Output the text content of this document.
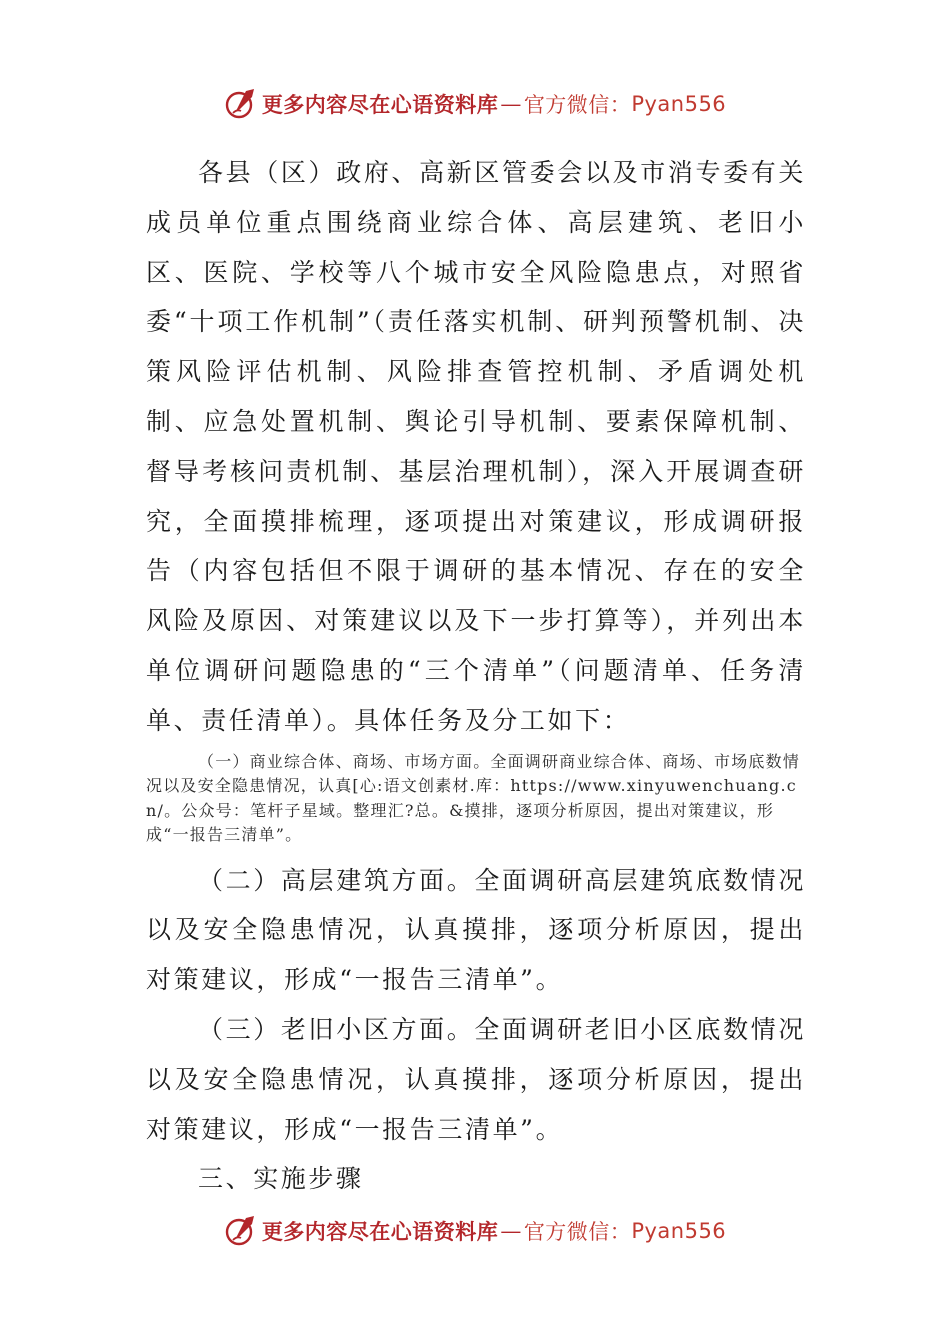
更多内容尽在心语资料库 — 官方微信： Pyan556

各县（区）政府、高新区管委会以及市消专委有关成员单位重点围绕商业综合体、高层建筑、老旧小区、医院、学校等八个城市安全风险隐患点，对照省委“十项工作机制”（责任落实机制、研判预警机制、决策风险评估机制、风险排查管控机制、矛盾调处机制、应急处置机制、舆论引导机制、要素保障机制、督导考核问责机制、基层治理机制），深入开展调查研究，全面摸排梳理，逐项提出对策建议，形成调研报告（内容包括但不限于调研的基本情况、存在的安全风险及原因、对策建议以及下一步打算等），并列出本单位调研问题隐患的“三个清单”（问题清单、任务清单、责任清单）。具体任务及分工如下：

（一）商业综合体、商场、市场方面。全面调研商业综合体、商场、市场底数情况以及安全隐患情况，认真[心:语文创素材.库：https://www.xinyuwenchuang.cn/。公众号：笔杆子星域。整理汇?总。&摸排，逐项分析原因，提出对策建议，形成“一报告三清单”。

（二）高层建筑方面。全面调研高层建筑底数情况以及安全隐患情况，认真摸排，逐项分析原因，提出对策建议，形成“一报告三清单”。

（三）老旧小区方面。全面调研老旧小区底数情况以及安全隐患情况，认真摸排，逐项分析原因，提出对策建议，形成“一报告三清单”。

三、实施步骤

更多内容尽在心语资料库 — 官方微信： Pyan556
